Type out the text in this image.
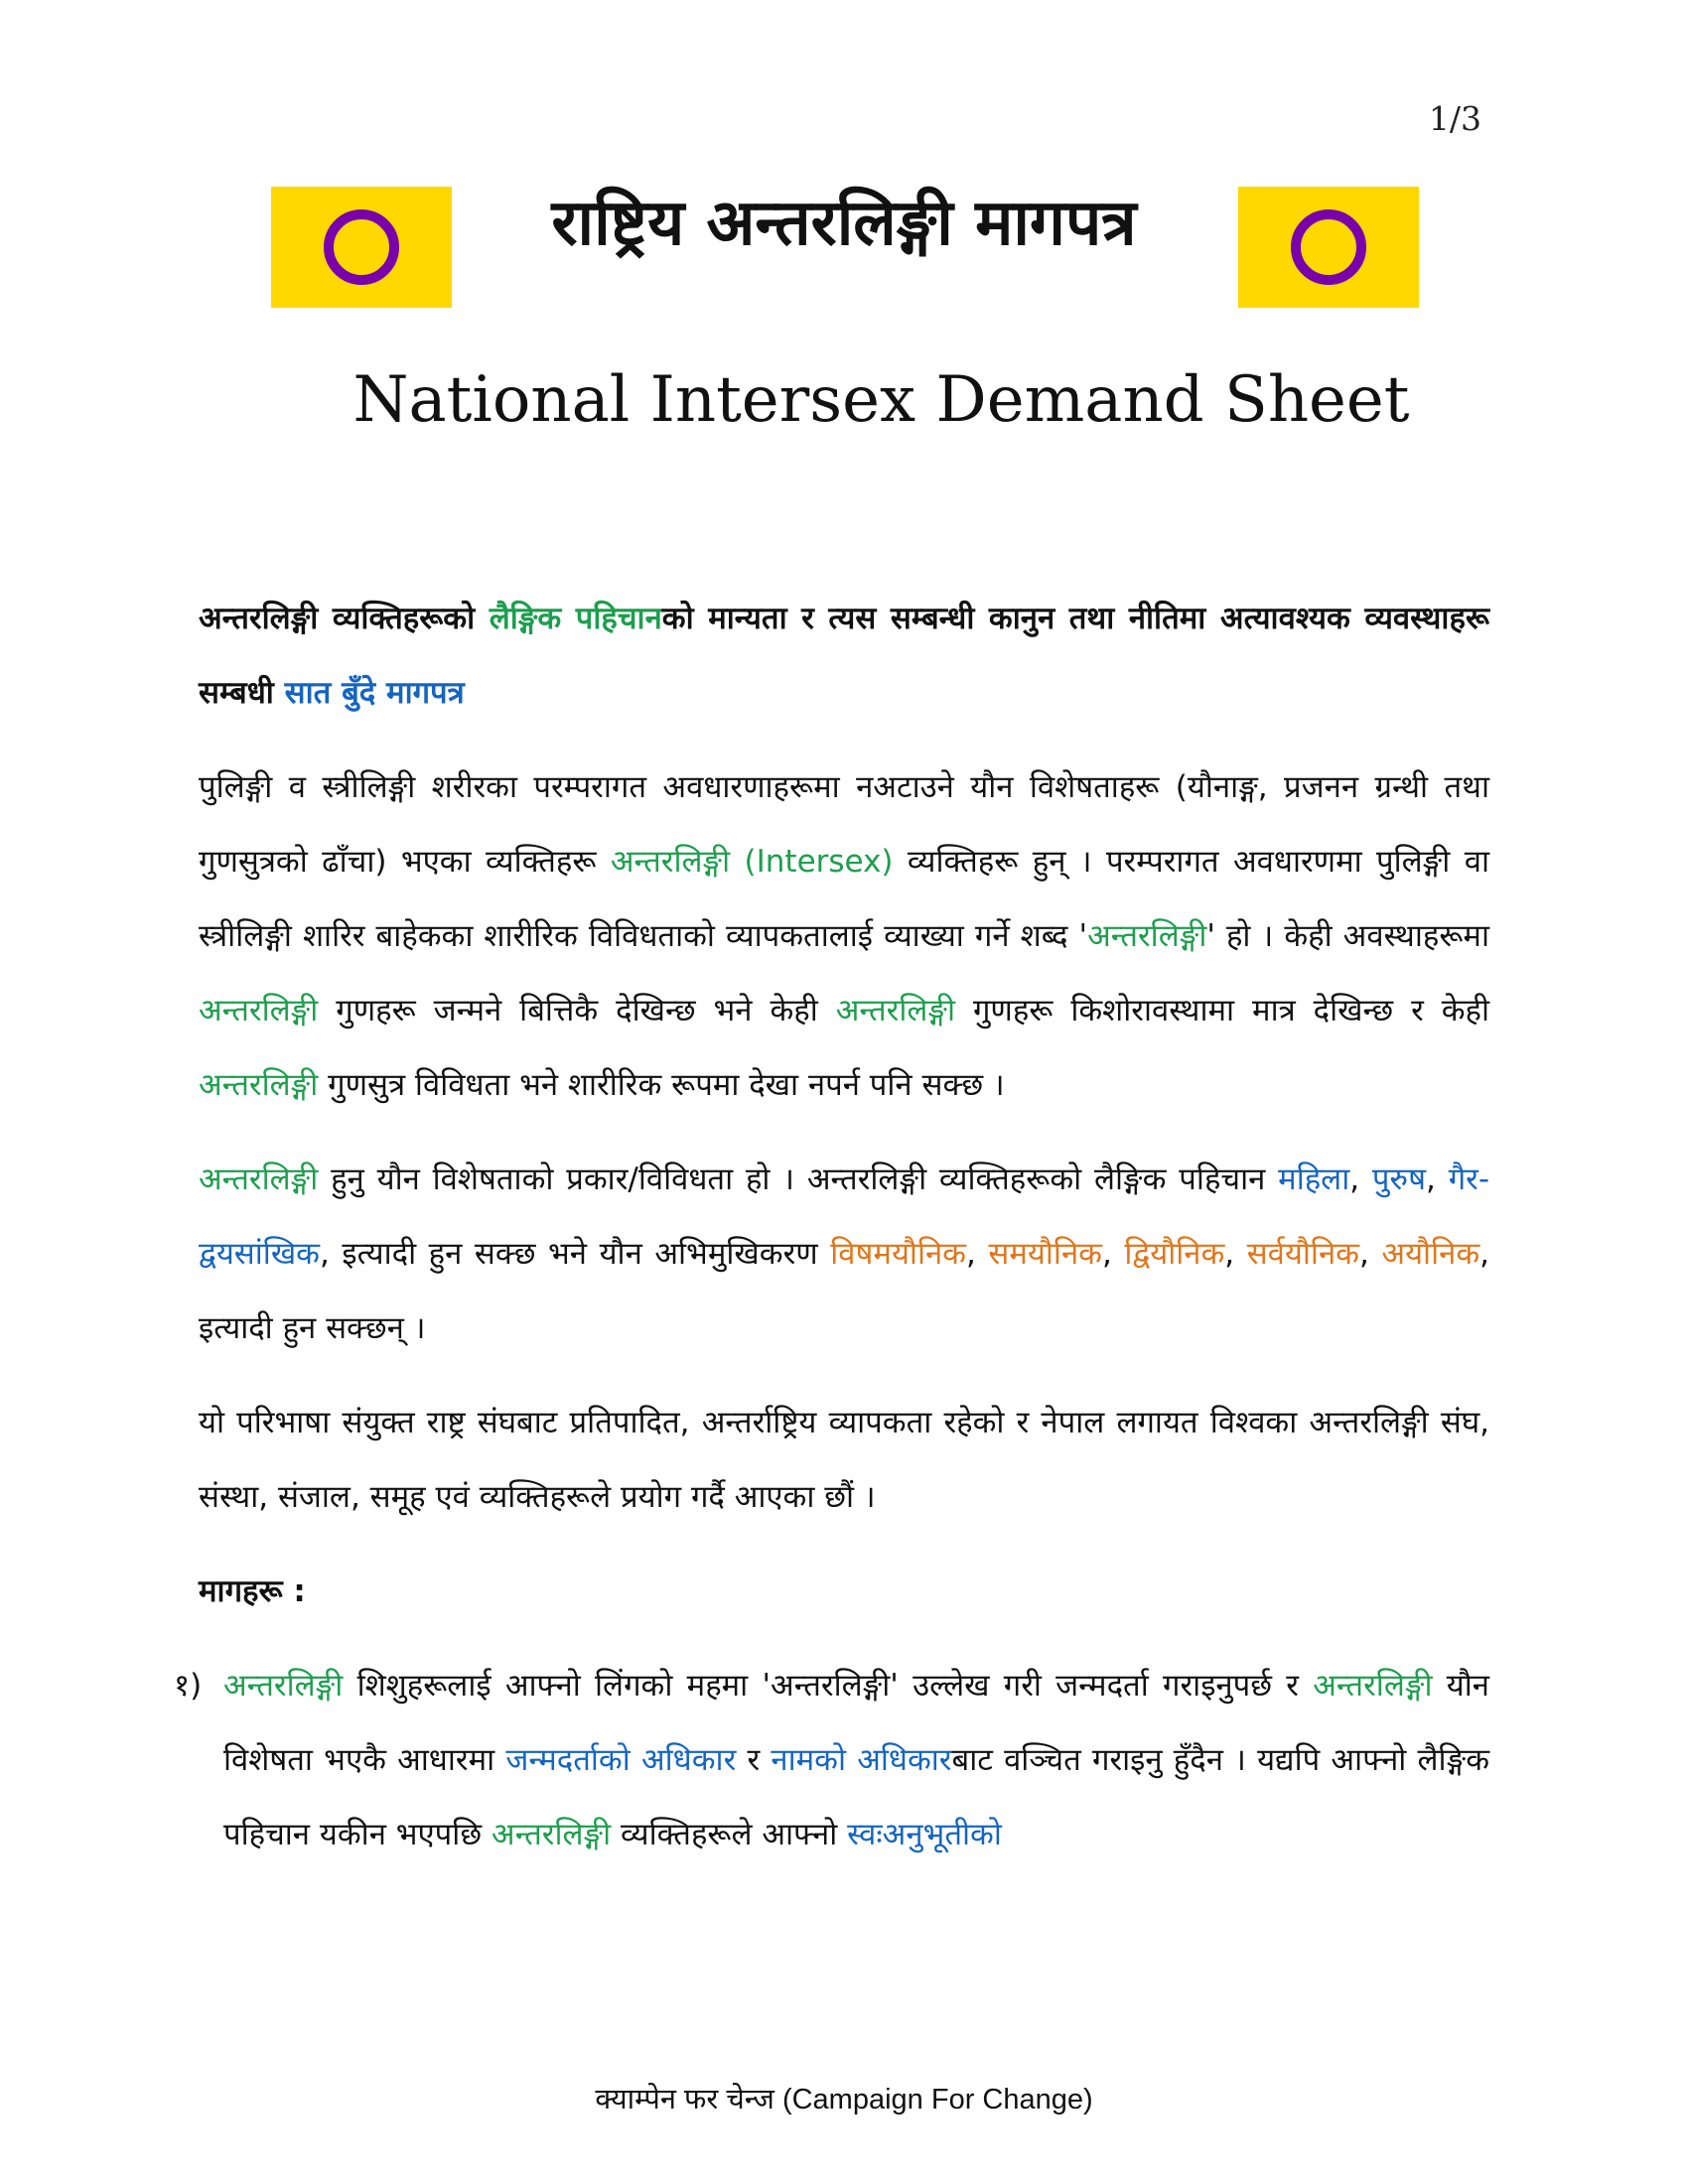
1/3
राष्ट्रिय अन्तरलिङ्गी मागपत्र
National Intersex Demand Sheet

अन्तरलिङ्गी व्यक्तिहरूको लैङ्गिक पहिचानको मान्यता र त्यस सम्बन्धी कानुन तथा नीतिमा अत्यावश्यक व्यवस्थाहरू सम्बधी सात बुँदे मागपत्र

पुलिङ्गी व स्त्रीलिङ्गी शरीरका परम्परागत अवधारणाहरूमा नअटाउने यौन विशेषताहरू (यौनाङ्ग, प्रजनन ग्रन्थी तथा गुणसुत्रको ढाँचा) भएका व्यक्तिहरू अन्तरलिङ्गी (Intersex) व्यक्तिहरू हुन् । परम्परागत अवधारणमा पुलिङ्गी वा स्त्रीलिङ्गी शारिर बाहेकका शारीरिक विविधताको व्यापकतालाई व्याख्या गर्ने शब्द 'अन्तरलिङ्गी' हो । केही अवस्थाहरूमा अन्तरलिङ्गी गुणहरू जन्मने बित्तिकै देखिन्छ भने केही अन्तरलिङ्गी गुणहरू किशोरावस्थामा मात्र देखिन्छ र केही अन्तरलिङ्गी गुणसुत्र विविधता भने शारीरिक रूपमा देखा नपर्न पनि सक्छ ।

अन्तरलिङ्गी हुनु यौन विशेषताको प्रकार/विविधता हो । अन्तरलिङ्गी व्यक्तिहरूको लैङ्गिक पहिचान महिला, पुरुष, गैर-द्वयसांखिक, इत्यादी हुन सक्छ भने यौन अभिमुखिकरण विषमयौनिक, समयौनिक, द्वियौनिक, सर्वयौनिक, अयौनिक, इत्यादी हुन सक्छन् ।

यो परिभाषा संयुक्त राष्ट्र संघबाट प्रतिपादित, अन्तर्राष्ट्रिय व्यापकता रहेको र नेपाल लगायत विश्वका अन्तरलिङ्गी संघ, संस्था, संजाल, समूह एवं व्यक्तिहरूले प्रयोग गर्दै आएका छौं ।

मागहरू :

१) अन्तरलिङ्गी शिशुहरूलाई आफ्नो लिंगको महमा 'अन्तरलिङ्गी' उल्लेख गरी जन्मदर्ता गराइनुपर्छ र अन्तरलिङ्गी यौन विशेषता भएकै आधारमा जन्मदर्ताको अधिकार र नामको अधिकारबाट वञ्चित गराइनु हुँदैन । यद्यपि आफ्नो लैङ्गिक पहिचान यकीन भएपछि अन्तरलिङ्गी व्यक्तिहरूले आफ्नो स्वःअनुभूतीको

क्याम्पेन फर चेन्ज (Campaign For Change)
